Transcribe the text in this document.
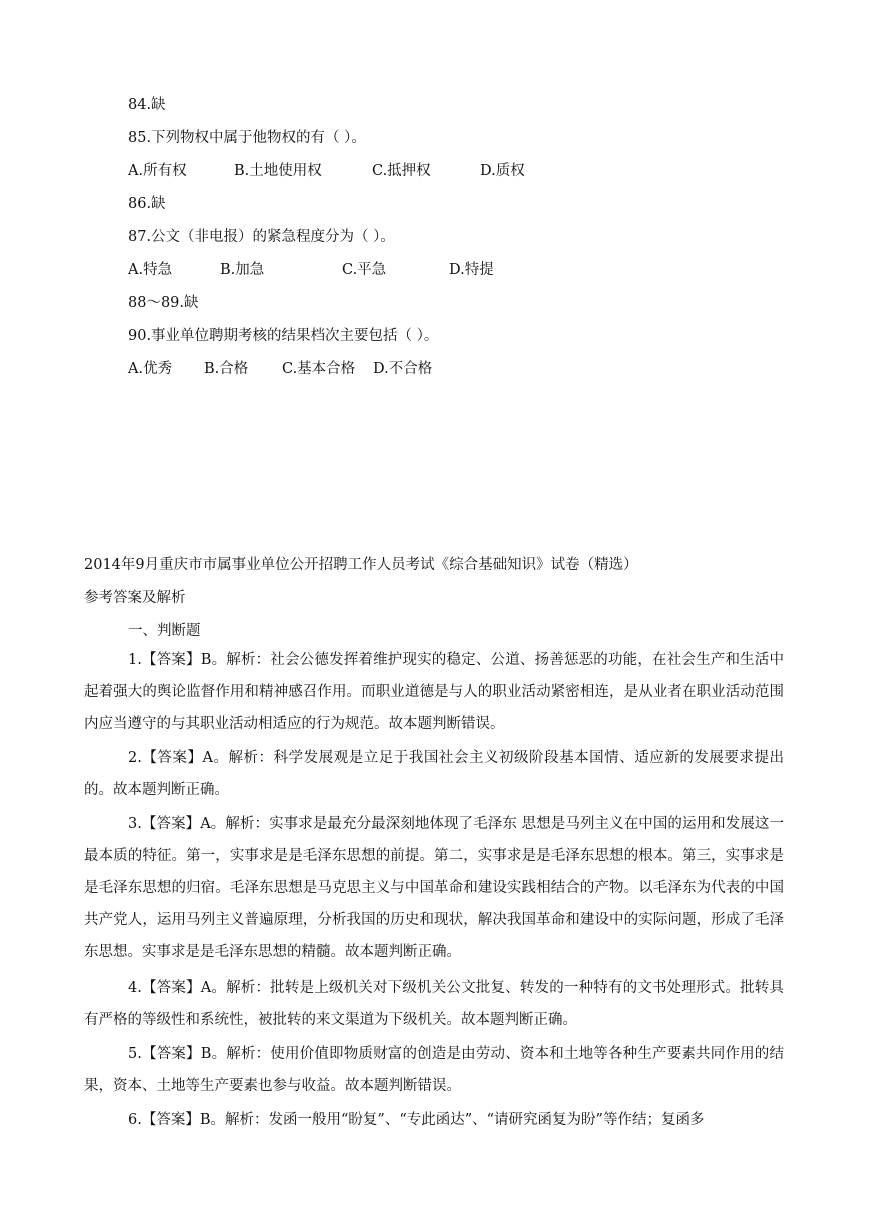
84.缺
85.下列物权中属于他物权的有（ ）。
A.所有权	B.土地使用权	C.抵押权	D.质权
86.缺
87.公文（非电报）的紧急程度分为（ ）。
A.特急	B.加急	C.平急	D.特提
88～89.缺
90.事业单位聘期考核的结果档次主要包括（ ）。
A.优秀 B.合格 C.基本合格 D.不合格
2014年9月重庆市市属事业单位公开招聘工作人员考试《综合基础知识》试卷（精选）
参考答案及解析
一、判断题

1.【答案】B。解析：社会公德发挥着维护现实的稳定、公道、扬善惩恶的功能，在社会生产和生活中起着强大的舆论监督作用和精神感召作用。而职业道德是与人的职业活动紧密相连，是从业者在职业活动范围内应当遵守的与其职业活动相适应的行为规范。故本题判断错误。

2.【答案】A。解析：科学发展观是立足于我国社会主义初级阶段基本国情、适应新的发展要求提出的。故本题判断正确。

3.【答案】A。解析：实事求是最充分最深刻地体现了毛泽东 思想是马列主义在中国的运用和发展这一最本质的特征。第一，实事求是是毛泽东思想的前提。第二，实事求是是毛泽东思想的根本。第三，实事求是是毛泽东思想的归宿。毛泽东思想是马克思主义与中国革命和建设实践相结合的产物。以毛泽东为代表的中国共产党人，运用马列主义普遍原理，分析我国的历史和现状，解决我国革命和建设中的实际问题，形成了毛泽东思想。实事求是是毛泽东思想的精髓。故本题判断正确。

4.【答案】A。解析：批转是上级机关对下级机关公文批复、转发的一种特有的文书处理形式。批转具有严格的等级性和系统性，被批转的来文渠道为下级机关。故本题判断正确。

5.【答案】B。解析：使用价值即物质财富的创造是由劳动、资本和土地等各种生产要素共同作用的结果，资本、土地等生产要素也参与收益。故本题判断错误。

6.【答案】B。解析：发函一般用“盼复”、“专此函达”、“请研究函复为盼”等作结；复函多
